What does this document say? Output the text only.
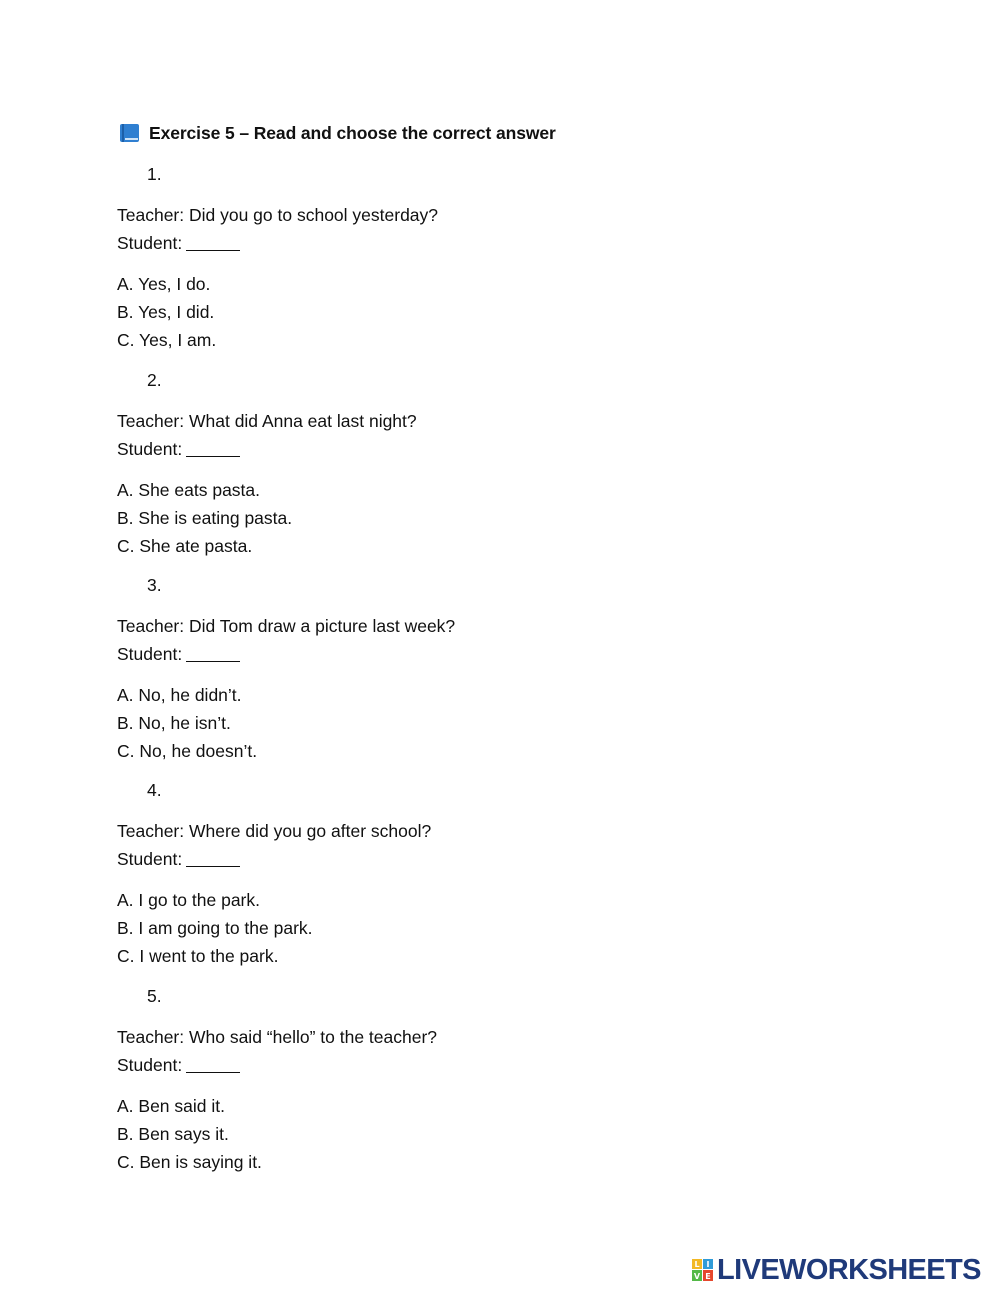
Exercise 5 – Read and choose the correct answer
1.
Teacher: Did you go to school yesterday?
Student:
A. Yes, I do.
B. Yes, I did.
C. Yes, I am.
2.
Teacher: What did Anna eat last night?
Student:
A. She eats pasta.
B. She is eating pasta.
C. She ate pasta.
3.
Teacher: Did Tom draw a picture last week?
Student:
A. No, he didn’t.
B. No, he isn’t.
C. No, he doesn’t.
4.
Teacher: Where did you go after school?
Student:
A. I go to the park.
B. I am going to the park.
C. I went to the park.
5.
Teacher: Who said “hello” to the teacher?
Student:
A. Ben said it.
B. Ben says it.
C. Ben is saying it.
L I
V E LIVEWORKSHEETS
